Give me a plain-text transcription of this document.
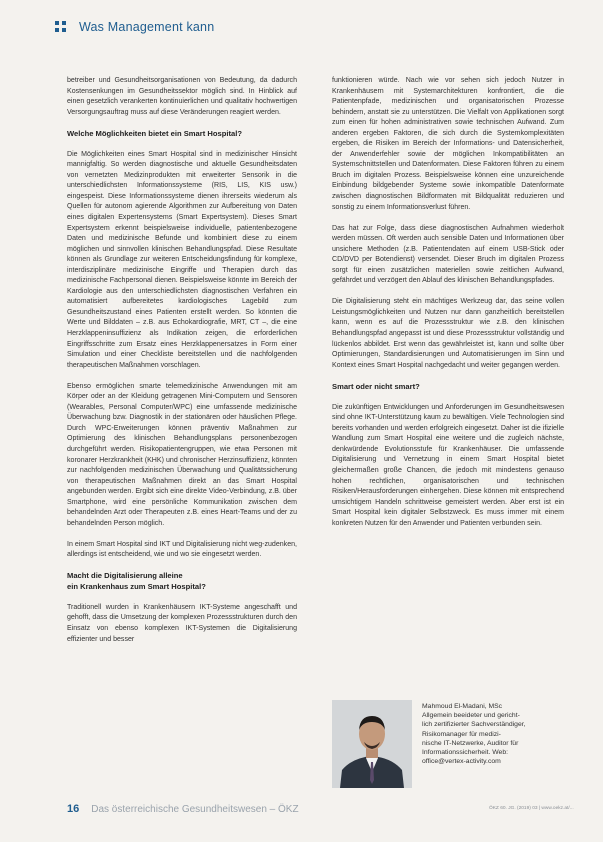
Was Management kann

betreiber und Gesundheitsorganisationen von Bedeutung, da dadurch Kostensenkungen im Gesundheitssektor möglich sind. In Hinblick auf einen gesetzlich verankerten kontinuierlichen und qualitativ hochwertigen Versorgungsauftrag muss auf diese Veränderungen reagiert werden.

Welche Möglichkeiten bietet ein Smart Hospital?

Die Möglichkeiten eines Smart Hospital sind in medizinischer Hinsicht mannigfaltig. So werden diagnostische und aktuelle Gesundheitsdaten von vernetzten Medizinprodukten mit erweiterter Sensorik in die unterschiedlichsten Informationssysteme (RIS, LIS, KIS usw.) eingespeist. Diese Informationssysteme dienen ihrerseits wiederum als Quellen für autonom agierende Algorithmen zur Aufbereitung von Daten eines digitalen Expertensystems (Smart Expertsystem). Dieses Smart Expertsystem erkennt beispielsweise individuelle, patientenbezogene Daten und medizinische Befunde und kombiniert diese zu einem möglichen und sinnvollen klinischen Behandlungspfad. Diese Resultate können als Grundlage zur weiteren Entscheidungsfindung für komplexe, interdisziplinäre medizinische Eingriffe und Therapien durch das medizinische Fachpersonal dienen. Beispielsweise könnte im Bereich der Kardiologie aus den unterschiedlichsten diagnostischen Verfahren ein automatisiert aufbereitetes kardiologisches Lagebild zum Gesundheitszustand eines Patienten erstellt werden. So könnten die Werte und Bilddaten – z.B. aus Echokardiografie, MRT, CT –, die eine Herzklappeninsuffizienz als Indikation zeigen, die erforderlichen Eingriffsschritte zum Ersatz eines Herzklappenersatzes in Form einer Simulation und einer Checkliste bereitstellen und die nachfolgenden therapeutischen Maßnahmen vorschlagen.

Ebenso ermöglichen smarte telemedizinische Anwendungen mit am Körper oder an der Kleidung getragenen Mini-Computern und Sensoren (Wearables, Personal Computer/WPC) eine umfassende medizinische Überwachung bzw. Diagnostik in der stationären oder häuslichen Pflege. Durch WPC-Erweiterungen können präventiv Maßnahmen zur Optimierung des klinischen Behandlungsplans personenbezogen durchgeführt werden. Risikopatientengruppen, wie etwa Personen mit koronarer Herzkrankheit (KHK) und chronischer Herzinsuffizienz, könnten zur nachfolgenden medizinischen Überwachung und Qualitätssicherung von therapeutischen Maßnahmen direkt an das Smart Hospital angebunden werden. Ergibt sich eine direkte Video-Verbindung, z.B. über Smartphone, wird eine persönliche Kommunikation zwischen dem behandelnden Arzt oder Therapeuten z.B. eines Heart-Teams und der zu behandelnden Person möglich.

In einem Smart Hospital sind IKT und Digitalisierung nicht weg-zudenken, allerdings ist entscheidend, wie und wo sie eingesetzt werden.

Macht die Digitalisierung alleine
ein Krankenhaus zum Smart Hospital?

Traditionell wurden in Krankenhäusern IKT-Systeme angeschafft und gehofft, dass die Umsetzung der komplexen Prozessstrukturen durch den Einsatz von ebenso komplexen IKT-Systemen die Digitalisierung effizienter und besser

funktionieren würde. Nach wie vor sehen sich jedoch Nutzer in Krankenhäusern mit Systemarchitekturen konfrontiert, die die Patientenpfade, medizinischen und organisatorischen Prozesse behindern, anstatt sie zu unterstützen. Die Vielfalt von Applikationen sorgt zum einen für hohen administrativen sowie technischen Aufwand. Zum anderen ergeben Faktoren, die sich durch die Systemkomplexitäten ergeben, die Risiken im Bereich der Informations- und Datensicherheit, der Anwenderfehler sowie der möglichen Inkompatibilitäten an Systemschnittstellen und Datenformaten. Diese Faktoren führen zu einem Bruch im digitalen Prozess. Beispielsweise können eine unzureichende Einbindung bildgebender Systeme sowie inkompatible Datenformate zwischen diagnostischen Bildformaten mit Bildqualität reduzieren und sonstig zu einem Informationsverlust führen.

Das hat zur Folge, dass diese diagnostischen Aufnahmen wiederholt werden müssen. Oft werden auch sensible Daten und Informationen über unsichere Methoden (z.B. Patientendaten auf einem USB-Stick oder CD/DVD per Botendienst) versendet. Dieser Bruch im digitalen Prozess sorgt für einen zusätzlichen materiellen sowie zeitlichen Aufwand, gefährdet und verzögert den Ablauf des klinischen Behandlungspfades.

Die Digitalisierung steht ein mächtiges Werkzeug dar, das seine vollen Leistungsmöglichkeiten und Nutzen nur dann ganzheitlich bereitstellen kann, wenn es auf die Prozessstruktur wie z.B. den klinischen Behandlungspfad angepasst ist und diese Prozessstruktur vollständig und lückenlos abbildet. Erst wenn das gewährleistet ist, kann und sollte über Optimierungen, Standardisierungen und Automatisierungen im Sinn und Kontext eines Smart Hospital nachgedacht und weiter gegangen werden.

Smart oder nicht smart?

Die zukünftigen Entwicklungen und Anforderungen im Gesundheitswesen sind ohne IKT-Unterstützung kaum zu bewältigen. Viele Technologien sind bereits vorhanden und werden erfolgreich eingesetzt. Daher ist die ifizielle Wandlung zum Smart Hospital eine weitere und die zugleich nächste, denkwürdende Evolutionsstufe für Krankenhäuser. Die umfassende Digitalisierung und Vernetzung in einem Smart Hospital bietet gleichermaßen große Chancen, die jedoch mit mindestens genauso hohen rechtlichen, organisatorischen und technischen Risiken/Herausforderungen einhergehen. Diese können mit entsprechend umsichtigem Handeln schrittweise gemeistert werden. Aber erst ist ein Smart Hospital kein digitaler Selbstzweck. Es muss immer mit einem konkreten Nutzen für den Anwender und Patienten verbunden sein.

Mahmoud El-Madani, MSc
Allgemein beeideter und gericht-
lich zertifizierter Sachverständiger,
Risikomanager für medizi-
nische IT-Netzwerke, Auditor für
Informationssicherheit. Web:
office@vertex-activity.com
16 Das österreichische Gesundheitswesen – ÖKZ	ÖKZ 60. JG. (2019) 03 | www.oekz.at/...
